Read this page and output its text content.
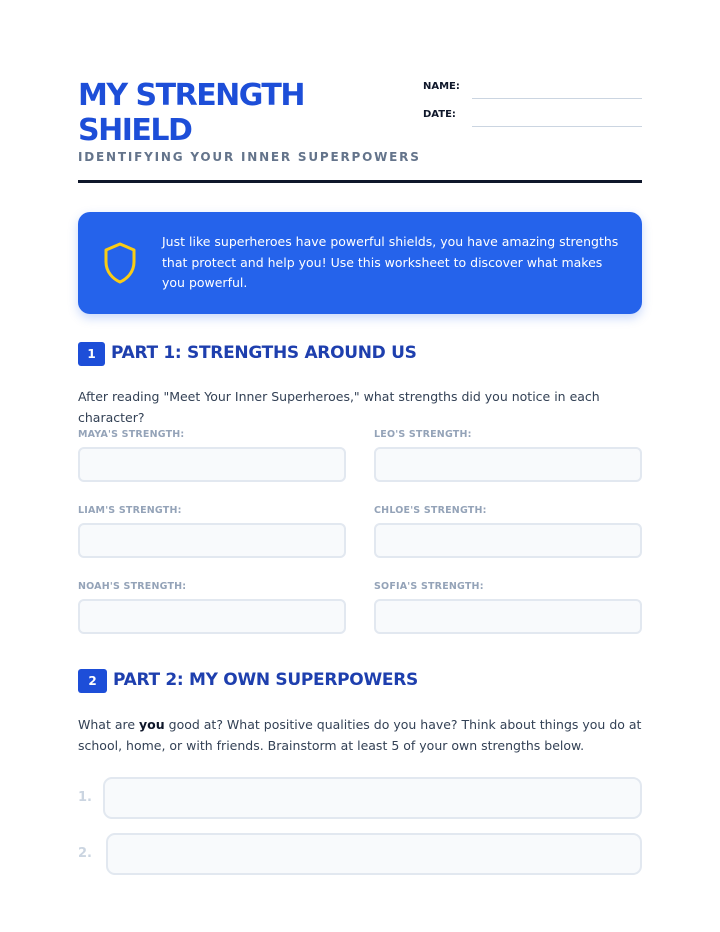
MY STRENGTH SHIELD
IDENTIFYING YOUR INNER SUPERPOWERS
NAME:
DATE:
Just like superheroes have powerful shields, you have amazing strengths that protect and help you! Use this worksheet to discover what makes you powerful.
1 PART 1: STRENGTHS AROUND US
After reading "Meet Your Inner Superheroes," what strengths did you notice in each character?
MAYA'S STRENGTH:	LEO'S STRENGTH:
LIAM'S STRENGTH:	CHLOE'S STRENGTH:
NOAH'S STRENGTH:	SOFIA'S STRENGTH:
2 PART 2: MY OWN SUPERPOWERS
What are you good at? What positive qualities do you have? Think about things you do at school, home, or with friends. Brainstorm at least 5 of your own strengths below.
1.
2.
